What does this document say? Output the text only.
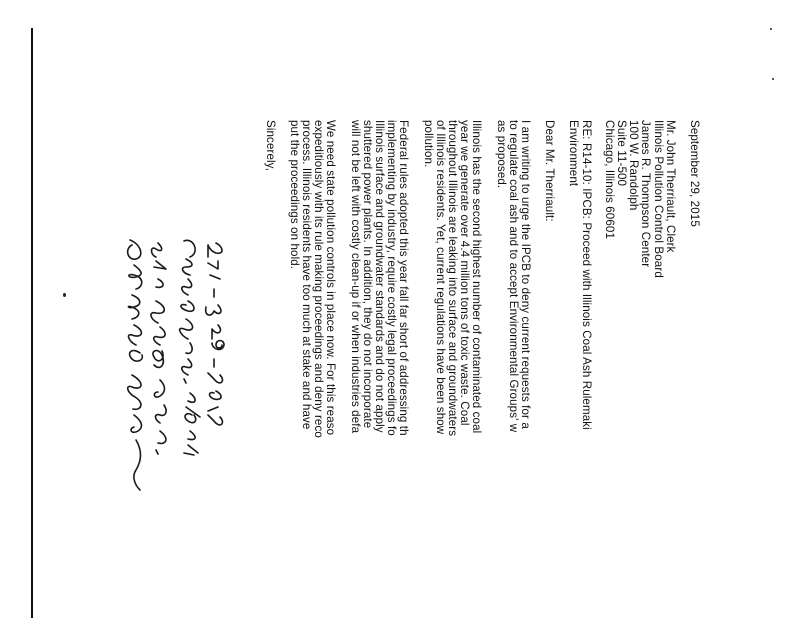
September 29, 2015

Mr. John Therriault, Clerk

Illinois Pollution Control Board

James R. Thompson Center

100 W. Randolph

Suite 11-500

Chicago, Illinois 60601

RE: R14-10: IPCB: Proceed with Illinois Coal Ash Rulemaki

Environment

Dear Mr. Therriault:

I am writing to urge the IPCB to deny current requests for a

to regulate coal ash and to accept Environmental Groups' w

as proposed.

Illinois has the second highest number of contaminated coal

year we generate over 4.4 million tons of toxic waste. Coal

throughout Illinois are leaking into surface and groundwaters

of Illinois residents. Yet, current regulations have been show

pollution.

Federal rules adopted this year fall far short of addressing th

implementing by industry, require costly legal proceedings fo

Illinois surface and groundwater standards and do not apply

shuttered power plants. In addition, they do not incorporate

will not be left with costly clean-up if or when industries defa

We need state pollution controls in place now. For this reaso

expeditiously with its rule making proceedings and deny reco

process. Illinois residents have too much at stake and have

put the proceedings on hold.

Sincerely,
